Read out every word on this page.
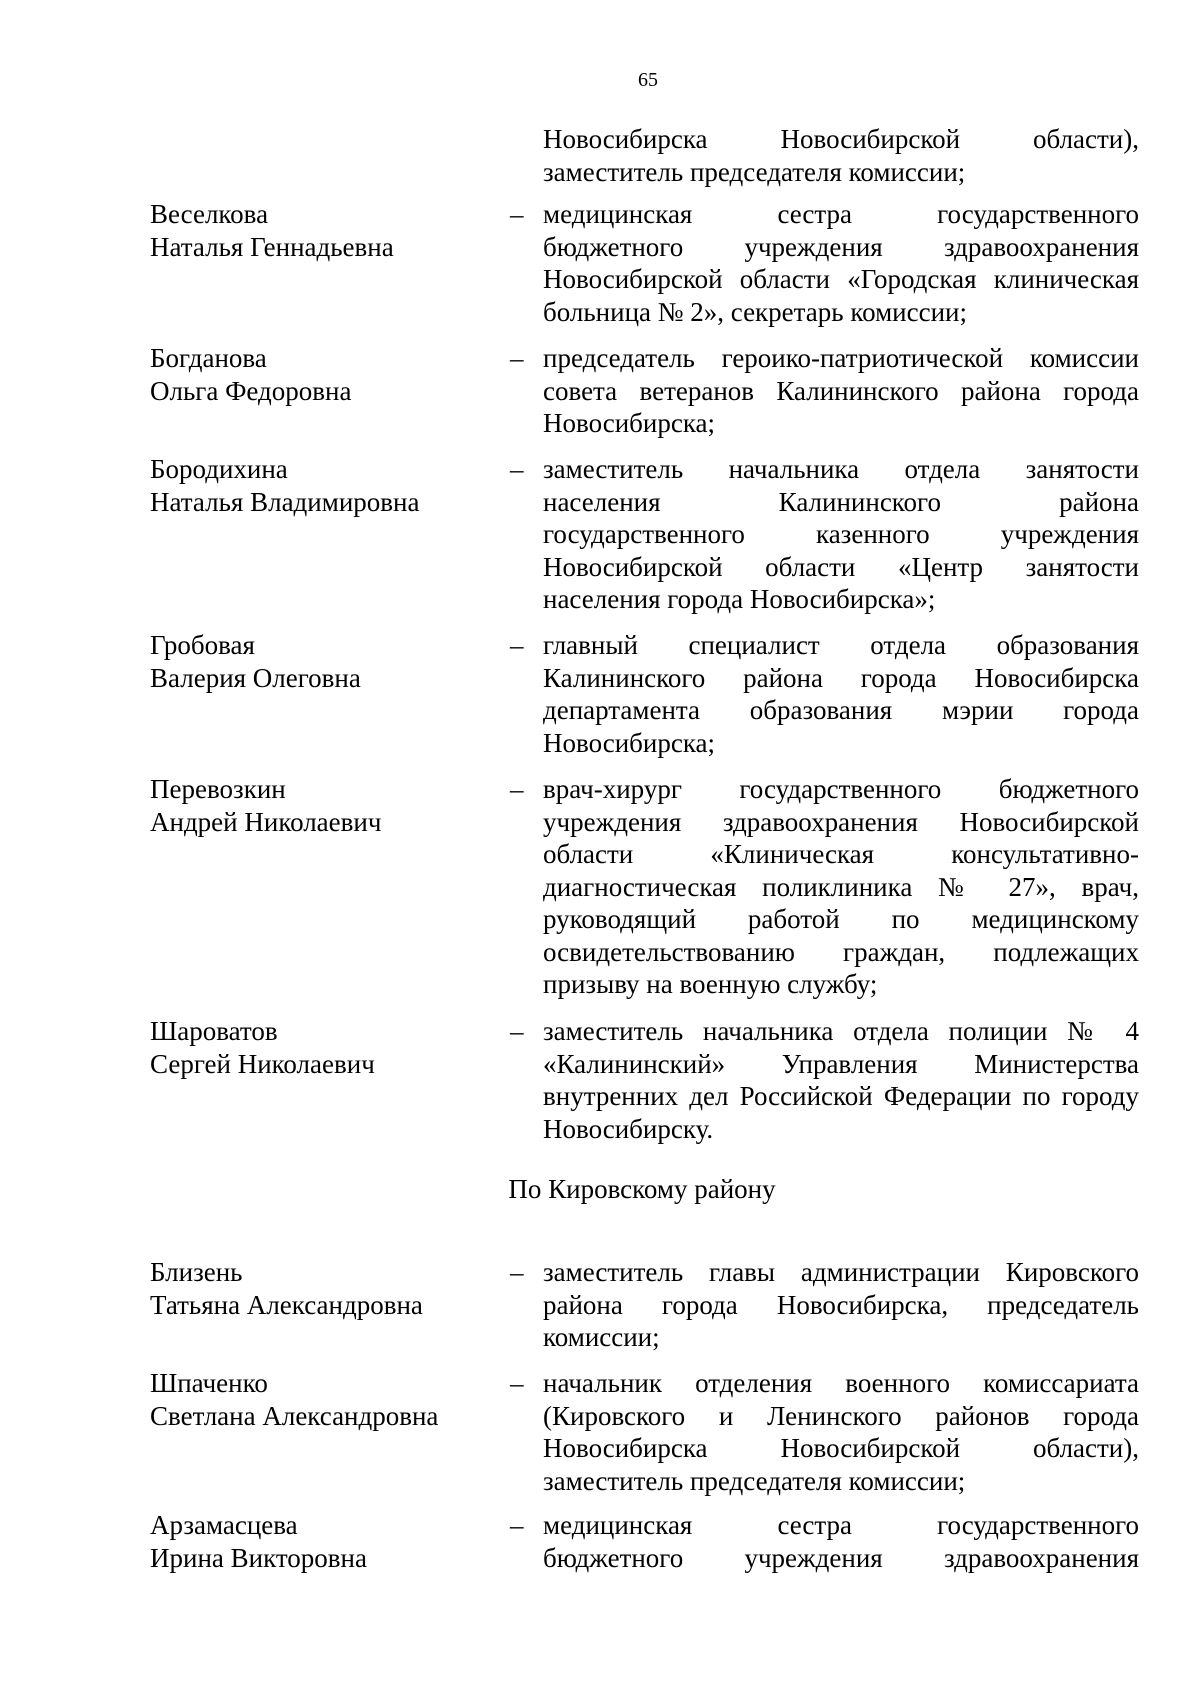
65
Новосибирска Новосибирской области),
заместитель председателя комиссии;
Веселкова
Наталья Геннадьевна
– медицинская сестра государственного
бюджетного учреждения здравоохранения
Новосибирской области «Городская клиническая
больница № 2», секретарь комиссии;
Богданова
Ольга Федоровна
– председатель героико-патриотической комиссии
совета ветеранов Калининского района города
Новосибирска;
Бородихина
Наталья Владимировна
– заместитель начальника отдела занятости
населения Калининского района
государственного казенного учреждения
Новосибирской области «Центр занятости
населения города Новосибирска»;
Гробовая
Валерия Олеговна
– главный специалист отдела образования
Калининского района города Новосибирска
департамента образования мэрии города
Новосибирска;
Перевозкин
Андрей Николаевич
– врач-хирург государственного бюджетного
учреждения здравоохранения Новосибирской
области «Клиническая консультативно-
диагностическая поликлиника № 27», врач,
руководящий работой по медицинскому
освидетельствованию граждан, подлежащих
призыву на военную службу;
Шароватов
Сергей Николаевич
– заместитель начальника отдела полиции № 4
«Калининский» Управления Министерства
внутренних дел Российской Федерации по городу
Новосибирску.
Близень
Татьяна Александровна
– заместитель главы администрации Кировского
района города Новосибирска, председатель
комиссии;
Шпаченко
Светлана Александровна
– начальник отделения военного комиссариата
(Кировского и Ленинского районов города
Новосибирска Новосибирской области),
заместитель председателя комиссии;
Арзамасцева
Ирина Викторовна
– медицинская сестра государственного
бюджетного учреждения здравоохранения
По Кировскому району
